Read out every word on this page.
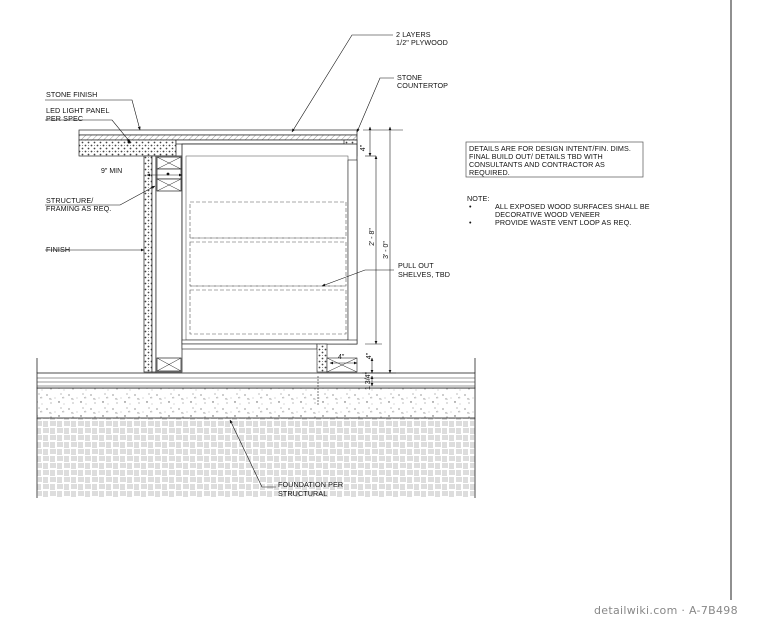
2 LAYERS
1/2" PLYWOOD
STONE
COUNTERTOP
STONE FINISH
LED LIGHT PANEL
PER SPEC
STRUCTURE/
FRAMING AS REQ.
FINISH
PULL OUT
SHELVES, TBD
FOUNDATION PER
STRUCTURAL
9" MIN
4"
2' - 8"
3' - 0"
4"	4"
1 3/4"
DETAILS ARE FOR DESIGN INTENT/FIN. DIMS.
FINAL BUILD OUT/ DETAILS TBD WITH
CONSULTANTS AND CONTRACTOR AS
REQUIRED.
NOTE:
•	ALL EXPOSED WOOD SURFACES SHALL BE
DECORATIVE WOOD VENEER
•	PROVIDE WASTE VENT LOOP AS REQ.
detailwiki.com · A-7B498
